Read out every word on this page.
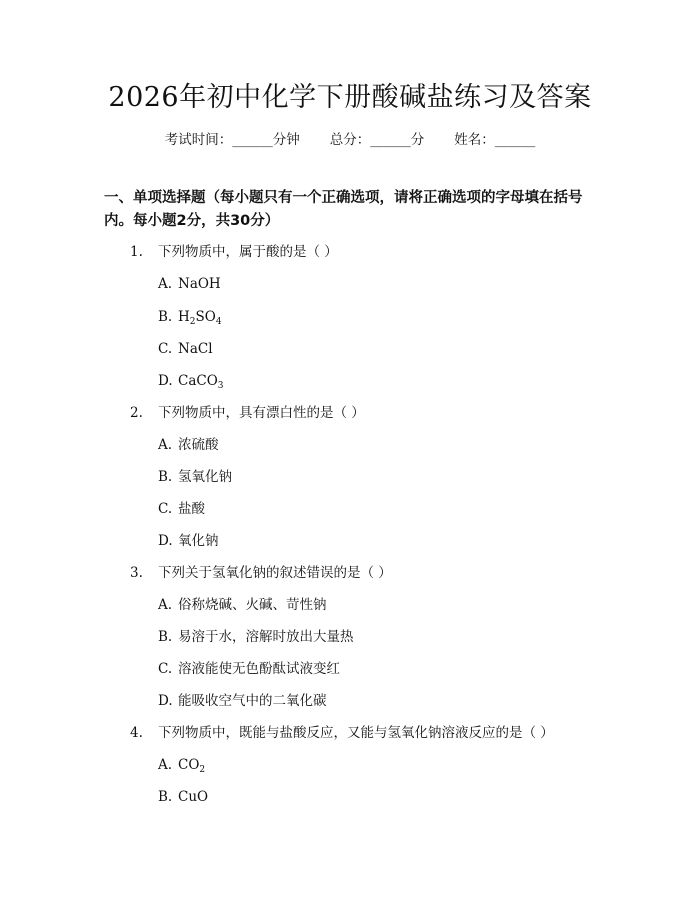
2026年初中化学下册酸碱盐练习及答案
考试时间：______分钟 总分：______分 姓名：______
一、单项选择题（每小题只有一个正确选项，请将正确选项的字母填在括号内。每小题2分，共30分）
1. 下列物质中，属于酸的是（ ）
A. NaOH
B. $H_2SO_4$
C. NaCl
D. CaCO$_3$
2. 下列物质中，具有漂白性的是（ ）
A. 浓硫酸
B. 氢氧化钠
C. 盐酸
D. 氧化钠
3. 下列关于氢氧化钠的叙述错误的是（ ）
A. 俗称烧碱、火碱、苛性钠
B. 易溶于水，溶解时放出大量热
C. 溶液能使无色酚酞试液变红
D. 能吸收空气中的二氧化碳
4. 下列物质中，既能与盐酸反应，又能与氢氧化钠溶液反应的是（ ）
A. $CO_2$
B. CuO
